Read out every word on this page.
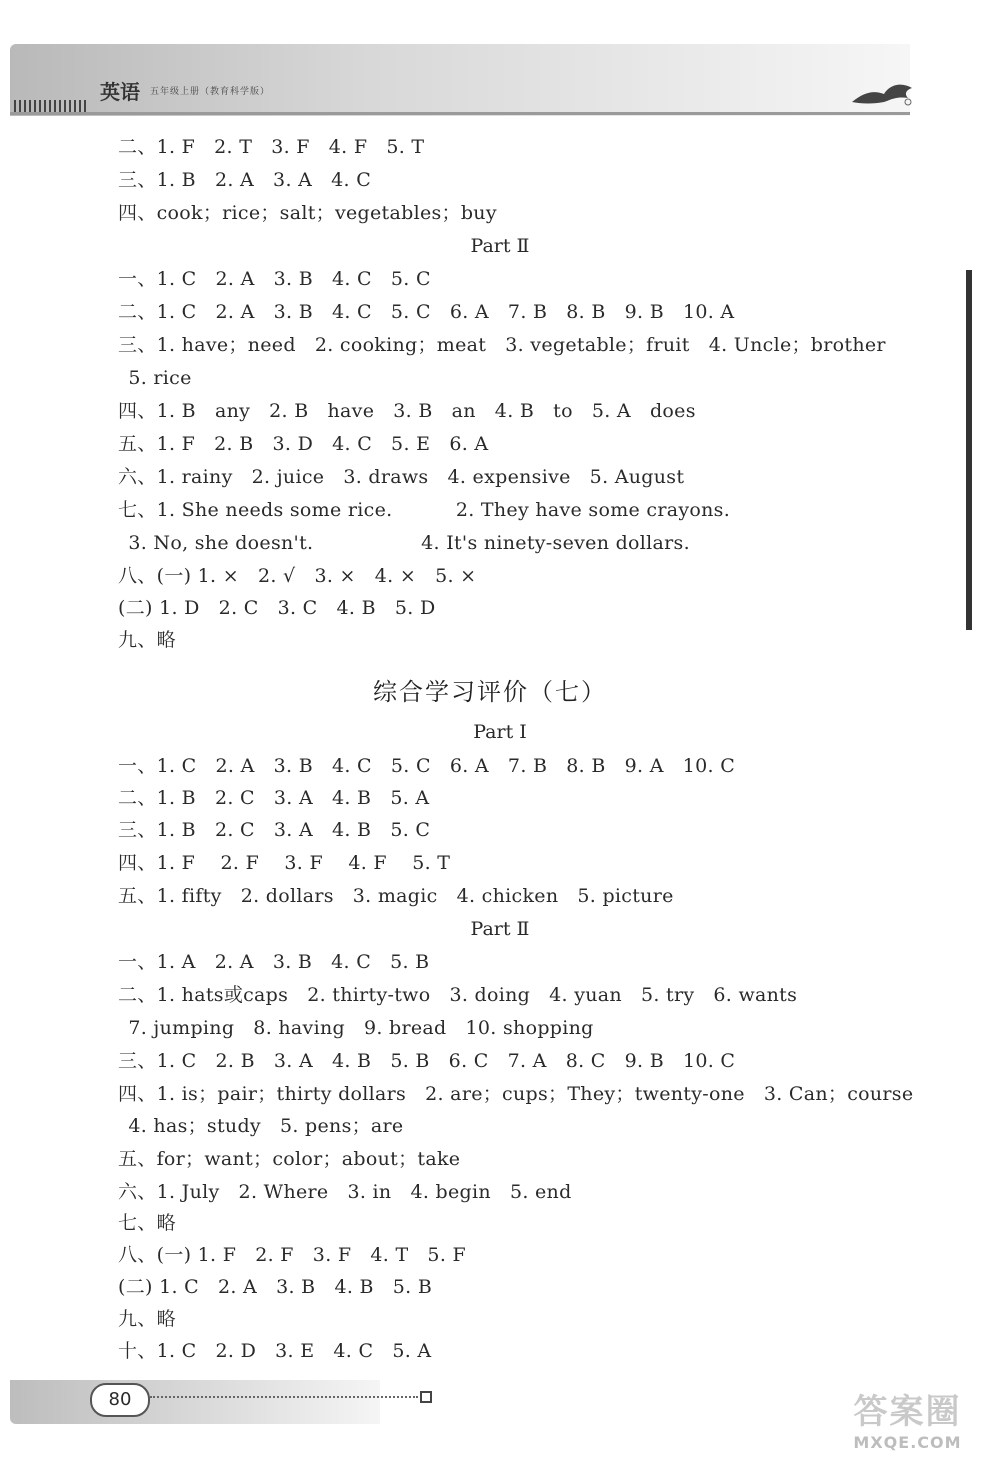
英语 五年级上册（教育科学版）
二、1. F   2. T   3. F   4. F   5. T
三、1. B   2. A   3. A   4. C
四、cook；rice；salt；vegetables；buy
Part Ⅱ
一、1. C   2. A   3. B   4. C   5. C
二、1. C   2. A   3. B   4. C   5. C   6. A   7. B   8. B   9. B   10. A
三、1. have；need   2. cooking；meat   3. vegetable；fruit   4. Uncle；brother
5. rice
四、1. B   any   2. B   have   3. B   an   4. B   to   5. A   does
五、1. F   2. B   3. D   4. C   5. E   6. A
六、1. rainy   2. juice   3. draws   4. expensive   5. August
七、1. She needs some rice.          2. They have some crayons.
3. No, she doesn't.                 4. It's ninety-seven dollars.
八、(一) 1. ×   2. √   3. ×   4. ×   5. ×
(二) 1. D   2. C   3. C   4. B   5. D
九、略
综合学习评价（七）
Part Ⅰ
一、1. C   2. A   3. B   4. C   5. C   6. A   7. B   8. B   9. A   10. C
二、1. B   2. C   3. A   4. B   5. A
三、1. B   2. C   3. A   4. B   5. C
四、1. F    2. F    3. F    4. F    5. T
五、1. fifty   2. dollars   3. magic   4. chicken   5. picture
Part Ⅱ
一、1. A   2. A   3. B   4. C   5. B
二、1. hats或caps   2. thirty-two   3. doing   4. yuan   5. try   6. wants
7. jumping   8. having   9. bread   10. shopping
三、1. C   2. B   3. A   4. B   5. B   6. C   7. A   8. C   9. B   10. C
四、1. is；pair；thirty dollars   2. are；cups；They；twenty-one   3. Can；course
4. has；study   5. pens；are
五、for；want；color；about；take
六、1. July   2. Where   3. in   4. begin   5. end
七、略
八、(一) 1. F   2. F   3. F   4. T   5. F
(二) 1. C   2. A   3. B   4. B   5. B
九、略
十、1. C   2. D   3. E   4. C   5. A
80	答案圈
MXQE.COM
